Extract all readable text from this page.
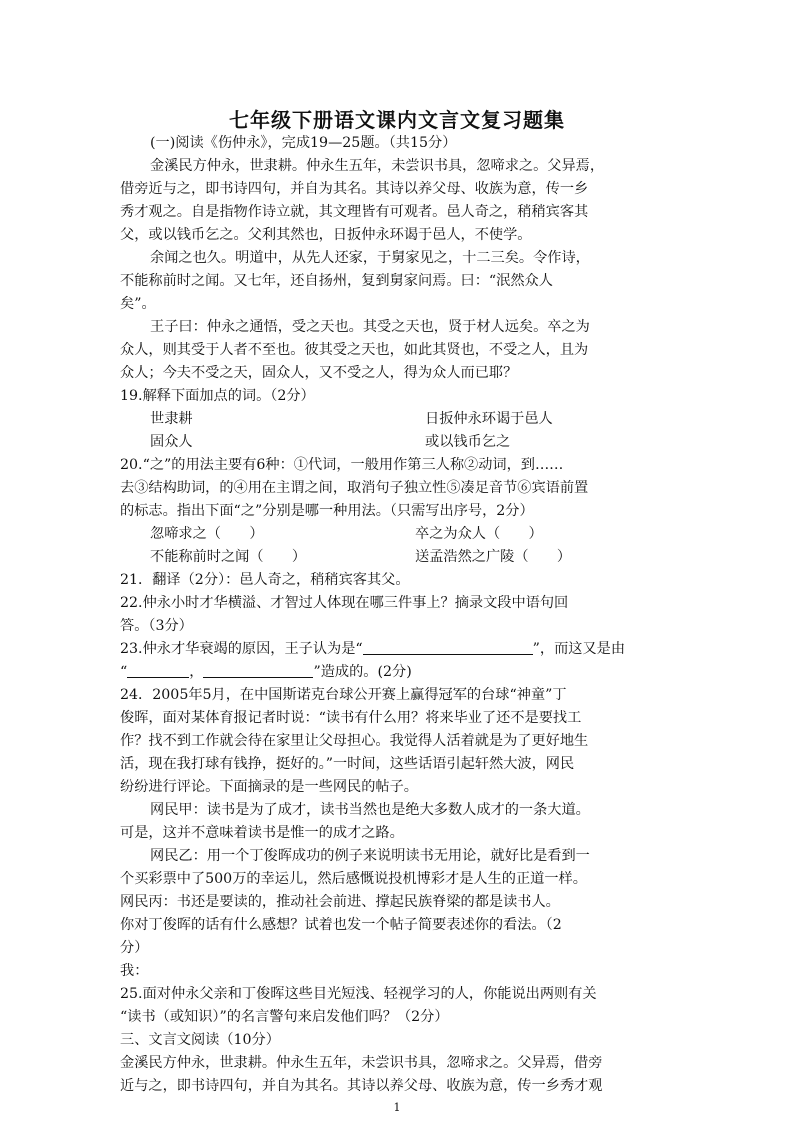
七年级下册语文课内文言文复习题集
(一)阅读《伤仲永》，完成19—25题。（共15分）
金溪民方仲永，世隶耕。仲永生五年，未尝识书具，忽啼求之。父异焉，
借旁近与之，即书诗四句，并自为其名。其诗以养父母、收族为意，传一乡
秀才观之。自是指物作诗立就，其文理皆有可观者。邑人奇之，稍稍宾客其
父，或以钱币乞之。父利其然也，日扳仲永环谒于邑人，不使学。
余闻之也久。明道中，从先人还家，于舅家见之，十二三矣。令作诗，
不能称前时之闻。又七年，还自扬州，复到舅家问焉。曰：“泯然众人
矣”。
王子曰：仲永之通悟，受之天也。其受之天也，贤于材人远矣。卒之为
众人，则其受于人者不至也。彼其受之天也，如此其贤也，不受之人，且为
众人；今夫不受之天，固众人，又不受之人，得为众人而已耶？
19.解释下面加点的词。（2分）
世隶耕	日扳仲永环谒于邑人
固众人	或以钱币乞之
20.“之”的用法主要有6种：①代词，一般用作第三人称②动词，到……
去③结构助词，的④用在主谓之间，取消句子独立性⑤凑足音节⑥宾语前置
的标志。指出下面“之”分别是哪一种用法。（只需写出序号，2分）
忽啼求之（　　）	卒之为众人（　　）
不能称前时之闻（　　）	送孟浩然之广陵（　　）
21．翻译（2分）：邑人奇之，稍稍宾客其父。
22.仲永小时才华横溢、才智过人体现在哪三件事上？摘录文段中语句回
答。（3分）
23.仲永才华衰竭的原因，王子认为是“	”，而这又是由
“	，	”造成的。(2分)
24．2005年5月，在中国斯诺克台球公开赛上赢得冠军的台球“神童”丁
俊晖，面对某体育报记者时说：“读书有什么用？将来毕业了还不是要找工
作？找不到工作就会待在家里让父母担心。我觉得人活着就是为了更好地生
活，现在我打球有钱挣，挺好的。”一时间，这些话语引起轩然大波，网民
纷纷进行评论。下面摘录的是一些网民的帖子。
网民甲：读书是为了成才，读书当然也是绝大多数人成才的一条大道。
可是，这并不意味着读书是惟一的成才之路。
网民乙：用一个丁俊晖成功的例子来说明读书无用论，就好比是看到一
个买彩票中了500万的幸运儿，然后感慨说投机博彩才是人生的正道一样。
网民丙：书还是要读的，推动社会前进、撑起民族脊梁的都是读书人。
你对丁俊晖的话有什么感想？试着也发一个帖子简要表述你的看法。（2
分）
我：
25.面对仲永父亲和丁俊晖这些目光短浅、轻视学习的人，你能说出两则有关
“读书（或知识）”的名言警句来启发他们吗？（2分）
三、文言文阅读（10分）
金溪民方仲永，世隶耕。仲永生五年，未尝识书具，忽啼求之。父异焉，借旁
近与之，即书诗四句，并自为其名。其诗以养父母、收族为意，传一乡秀才观
1
